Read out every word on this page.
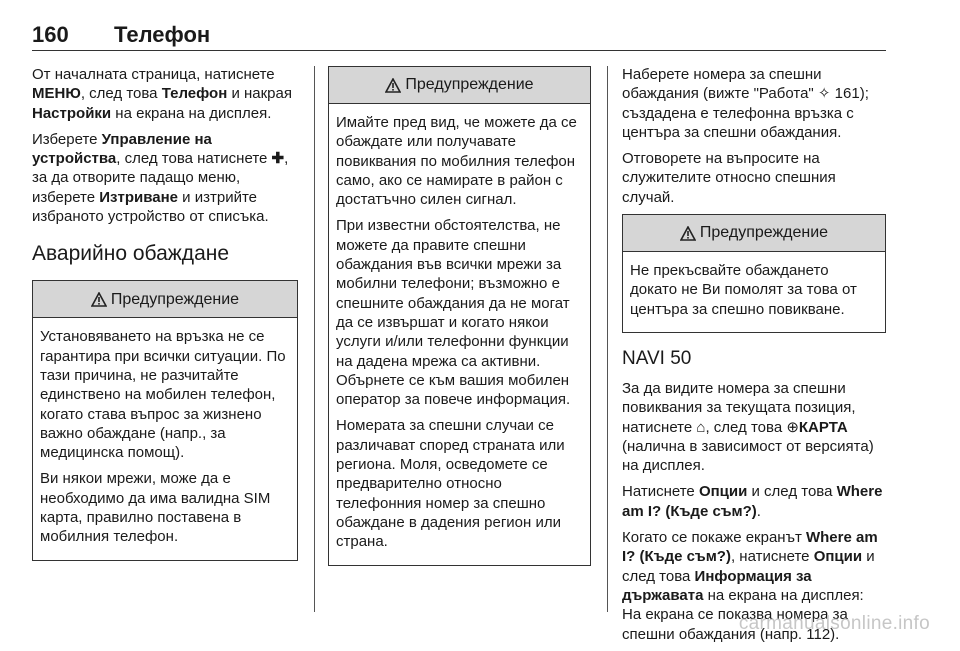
160 Телефон

От началната страница, натиснете МЕНЮ, след това Телефон и накрая Настройки на екрана на дисплея.

Изберете Управление на устройства, след това натиснете ✚, за да отворите падащо меню, изберете Изтриване и изтрийте избраното устройство от списъка.

Аварийно обаждане
Предупреждение

Установяването на връзка не се гарантира при всички ситуации. По тази причина, не разчитайте единствено на мобилен телефон, когато става въпрос за жизнено важно обаждане (напр., за медицинска помощ).

Ви някои мрежи, може да е необходимо да има валидна SIM карта, правилно поставена в мобилния телефон.

Предупреждение

Имайте пред вид, че можете да се обаждате или получавате повиквания по мобилния телефон само, ако се намирате в район с достатъчно силен сигнал.

При известни обстоятелства, не можете да правите спешни обаждания във всички мрежи за мобилни телефони; възможно е спешните обаждания да не могат да се извършат и когато някои услуги и/или телефонни функции на дадена мрежа са активни. Обърнете се към вашия мобилен оператор за повече информация.

Номерата за спешни случаи се различават според страната или региона. Моля, осведомете се предварително относно телефонния номер за спешно обаждане в дадения регион или страна.

Наберете номера за спешни обаждания (вижте "Работа" ✧ 161); създадена е телефонна връзка с центъра за спешни обаждания.

Отговорете на въпросите на служителите относно спешния случай.

Предупреждение

Не прекъсвайте обаждането докато не Ви помолят за това от центъра за спешно повикване.

NAVI 50

За да видите номера за спешни повиквания за текущата позиция, натиснете ⌂, след това ⊕КАРТА (налична в зависимост от версията) на дисплея.

Натиснете Опции и след това Where am I? (Къде съм?).

Когато се покаже екранът Where am I? (Къде съм?), натиснете Опции и след това Информация за държавата на екрана на дисплея: На екрана се показва номера за спешни обаждания (напр. 112).

carmanualsonline.info
